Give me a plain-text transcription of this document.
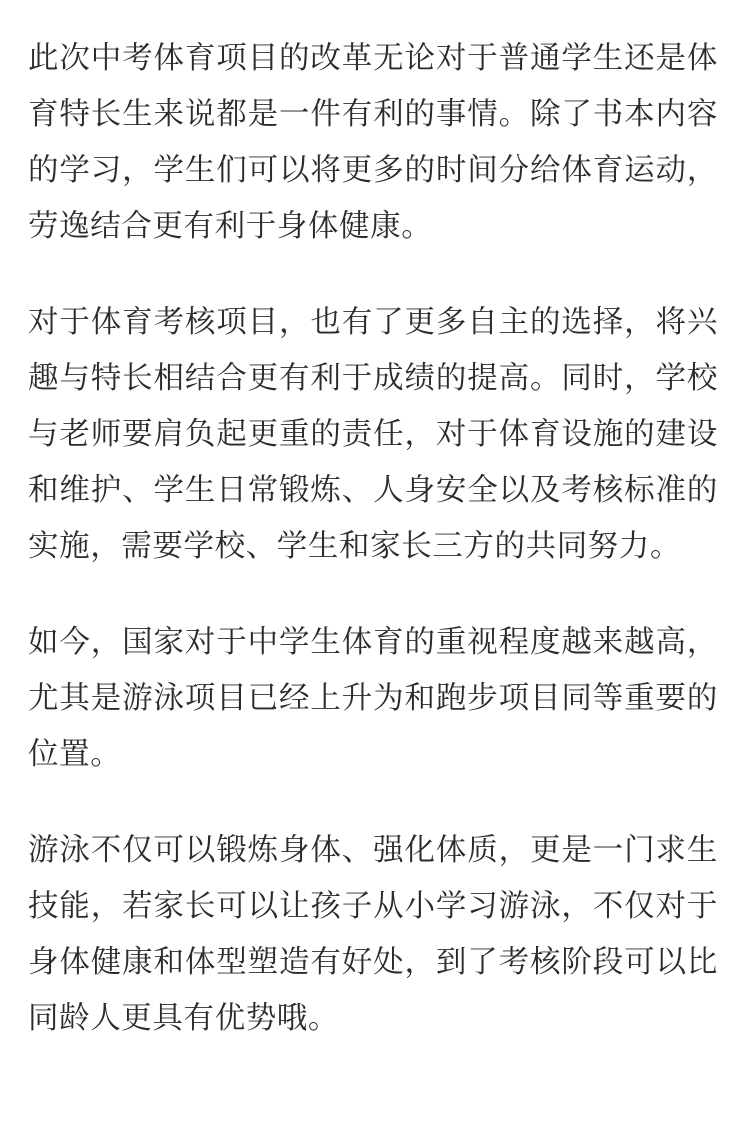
此次中考体育项目的改革无论对于普通学生还是体育特长生来说都是一件有利的事情。除了书本内容的学习，学生们可以将更多的时间分给体育运动，劳逸结合更有利于身体健康。

对于体育考核项目，也有了更多自主的选择，将兴趣与特长相结合更有利于成绩的提高。同时，学校与老师要肩负起更重的责任，对于体育设施的建设和维护、学生日常锻炼、人身安全以及考核标准的实施，需要学校、学生和家长三方的共同努力。

如今，国家对于中学生体育的重视程度越来越高，尤其是游泳项目已经上升为和跑步项目同等重要的位置。

游泳不仅可以锻炼身体、强化体质，更是一门求生技能，若家长可以让孩子从小学习游泳，不仅对于身体健康和体型塑造有好处，到了考核阶段可以比同龄人更具有优势哦。
